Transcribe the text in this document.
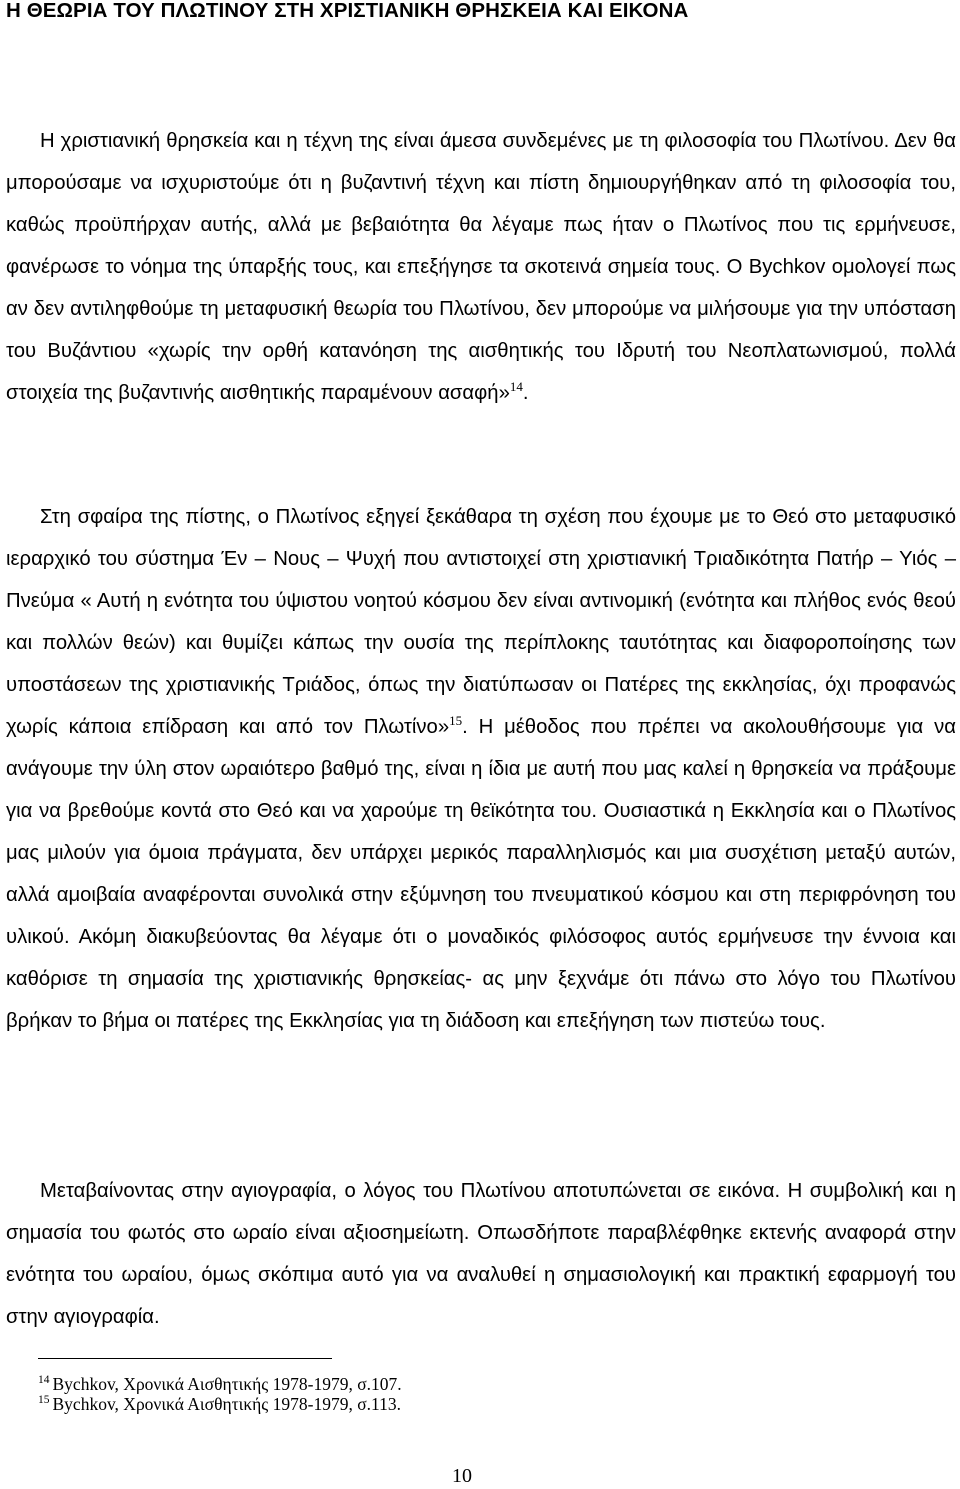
Η ΘΕΩΡΙΑ ΤΟΥ ΠΛΩΤΙΝΟΥ ΣΤΗ ΧΡΙΣΤΙΑΝΙΚΗ ΘΡΗΣΚΕΙΑ ΚΑΙ ΕΙΚΟΝΑ

Η χριστιανική θρησκεία και η τέχνη της είναι άμεσα συνδεμένες με τη φιλοσοφία του Πλωτίνου. Δεν θα μπορούσαμε να ισχυριστούμε ότι η βυζαντινή τέχνη και πίστη δημιουργήθηκαν από τη φιλοσοφία του, καθώς προϋπήρχαν αυτής, αλλά με βεβαιότητα θα λέγαμε πως ήταν ο Πλωτίνος που τις ερμήνευσε, φανέρωσε το νόημα της ύπαρξής τους, και επεξήγησε τα σκοτεινά σημεία τους. Ο Bychkov ομολογεί πως αν δεν αντιληφθούμε τη μεταφυσική θεωρία του Πλωτίνου, δεν μπορούμε να μιλήσουμε για την υπόσταση του Βυζάντιου «χωρίς την ορθή κατανόηση της αισθητικής του Ιδρυτή του Νεοπλατωνισμού, πολλά στοιχεία της βυζαντινής αισθητικής παραμένουν ασαφή»$^{14}$.

Στη σφαίρα της πίστης, ο Πλωτίνος εξηγεί ξεκάθαρα τη σχέση που έχουμε με το Θεό στο μεταφυσικό ιεραρχικό του σύστημα Έν – Νους – Ψυχή που αντιστοιχεί στη χριστιανική Τριαδικότητα Πατήρ – Υιός – Πνεύμα « Αυτή η ενότητα του ύψιστου νοητού κόσμου δεν είναι αντινομική (ενότητα και πλήθος ενός θεού και πολλών θεών) και θυμίζει κάπως την ουσία της περίπλοκης ταυτότητας και διαφοροποίησης των υποστάσεων της χριστιανικής Τριάδος, όπως την διατύπωσαν οι Πατέρες της εκκλησίας, όχι προφανώς χωρίς κάποια επίδραση και από τον Πλωτίνο»$^{15}$. Η μέθοδος που πρέπει να ακολουθήσουμε για να ανάγουμε την ύλη στον ωραιότερο βαθμό της, είναι η ίδια με αυτή που μας καλεί η θρησκεία να πράξουμε για να βρεθούμε κοντά στο Θεό και να χαρούμε τη θεϊκότητα του. Ουσιαστικά η Εκκλησία και ο Πλωτίνος μας μιλούν για όμοια πράγματα, δεν υπάρχει μερικός παραλληλισμός και μια συσχέτιση μεταξύ αυτών, αλλά αμοιβαία αναφέρονται συνολικά στην εξύμνηση του πνευματικού κόσμου και στη περιφρόνηση του υλικού. Ακόμη διακυβεύοντας θα λέγαμε ότι ο μοναδικός φιλόσοφος αυτός ερμήνευσε την έννοια και καθόρισε τη σημασία της χριστιανικής θρησκείας- ας μην ξεχνάμε ότι πάνω στο λόγο του Πλωτίνου βρήκαν το βήμα οι πατέρες της Εκκλησίας για τη διάδοση και επεξήγηση των πιστεύω τους.

Μεταβαίνοντας στην αγιογραφία, ο λόγος του Πλωτίνου αποτυπώνεται σε εικόνα. Η συμβολική και η σημασία του φωτός στο ωραίο είναι αξιοσημείωτη. Οπωσδήποτε παραβλέφθηκε εκτενής αναφορά στην ενότητα του ωραίου, όμως σκόπιμα αυτό για να αναλυθεί η σημασιολογική και πρακτική εφαρμογή του στην αγιογραφία.

$^{14}$ Bychkov, Χρονικά Αισθητικής 1978-1979, σ.107.
$^{15}$ Bychkov, Χρονικά Αισθητικής 1978-1979, σ.113.
10
